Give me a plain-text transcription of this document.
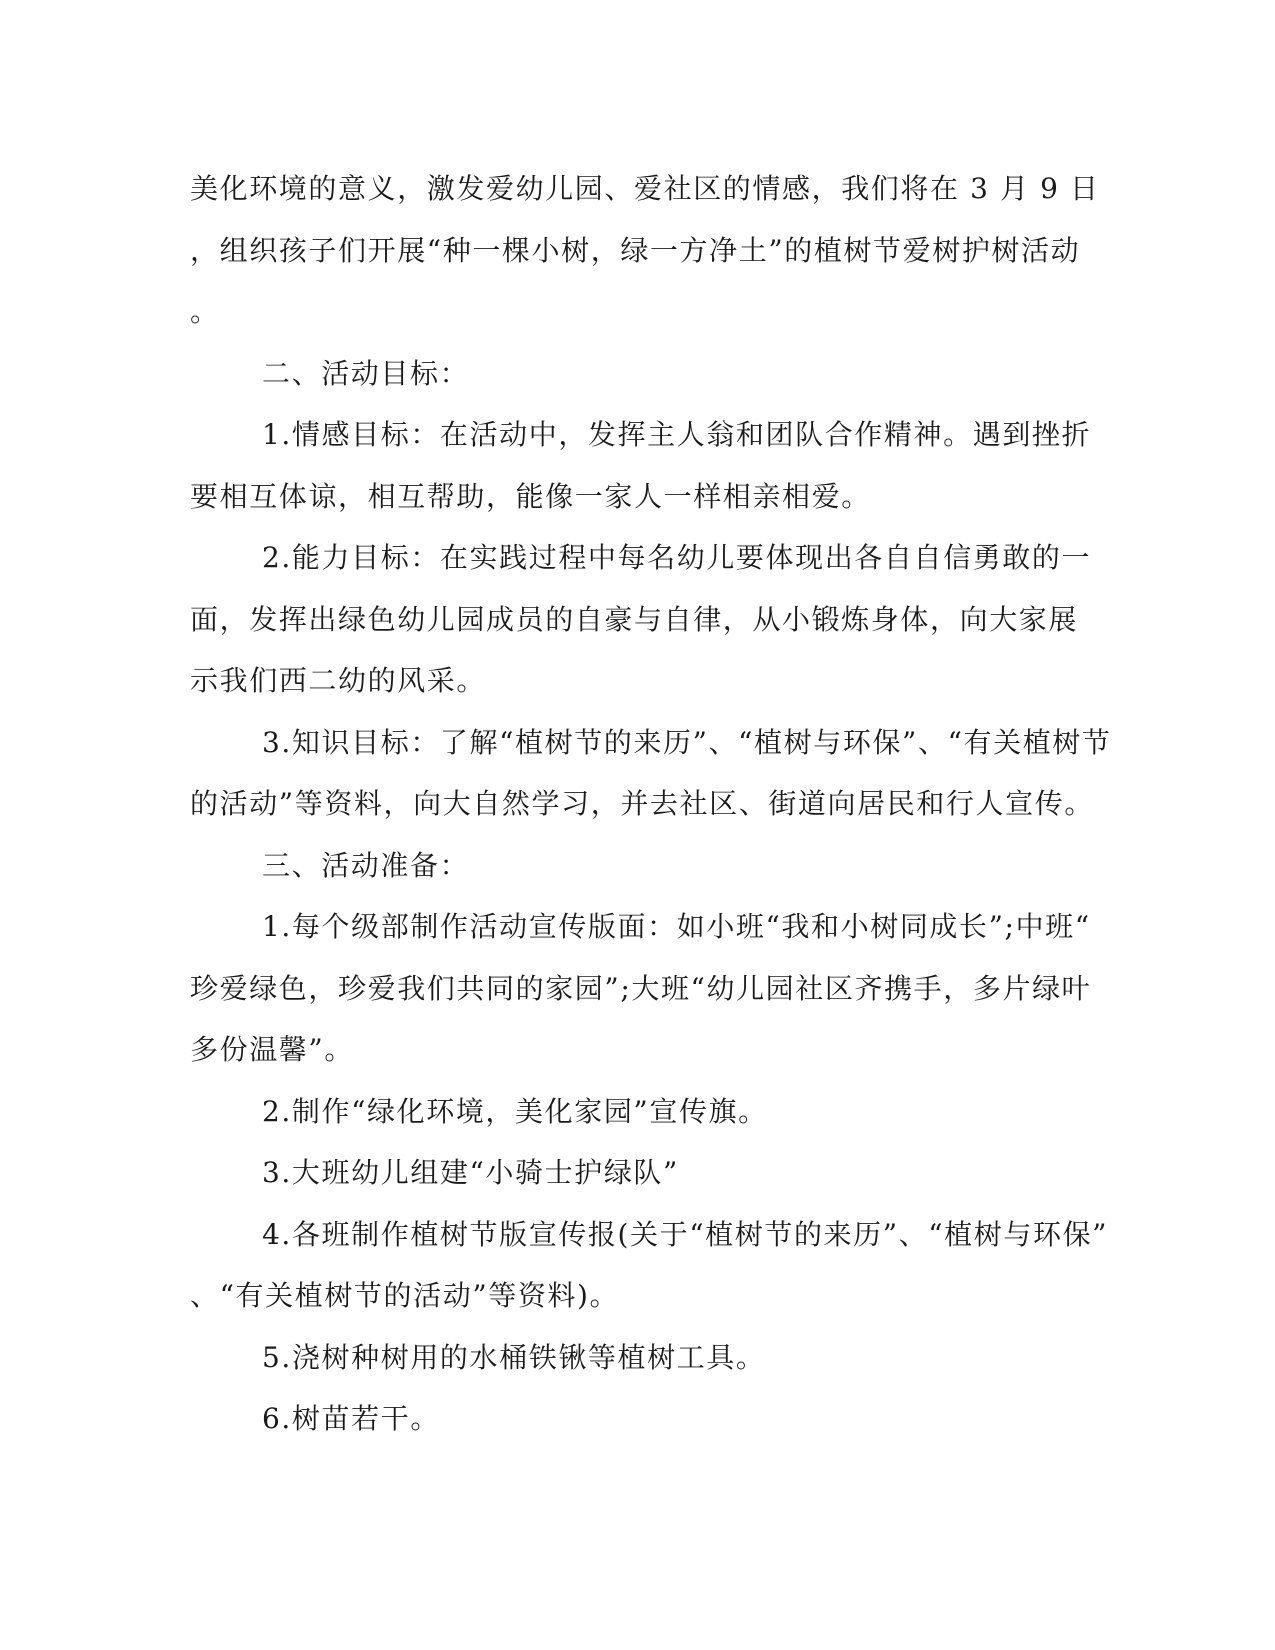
美化环境的意义，激发爱幼儿园、爱社区的情感，我们将在 3 月 9 日
，组织孩子们开展“种一棵小树，绿一方净土”的植树节爱树护树活动
。
二、活动目标：
1.情感目标：在活动中，发挥主人翁和团队合作精神。遇到挫折
要相互体谅，相互帮助，能像一家人一样相亲相爱。
2.能力目标：在实践过程中每名幼儿要体现出各自自信勇敢的一
面，发挥出绿色幼儿园成员的自豪与自律，从小锻炼身体，向大家展
示我们西二幼的风采。
3.知识目标：了解“植树节的来历”、“植树与环保”、“有关植树节
的活动”等资料，向大自然学习，并去社区、街道向居民和行人宣传。
三、活动准备：
1.每个级部制作活动宣传版面：如小班“我和小树同成长”;中班“
珍爱绿色，珍爱我们共同的家园”;大班“幼儿园社区齐携手，多片绿叶
多份温馨”。
2.制作“绿化环境，美化家园”宣传旗。
3.大班幼儿组建“小骑士护绿队”
4.各班制作植树节版宣传报(关于“植树节的来历”、“植树与环保”
、“有关植树节的活动”等资料)。
5.浇树种树用的水桶铁锹等植树工具。
6.树苗若干。
